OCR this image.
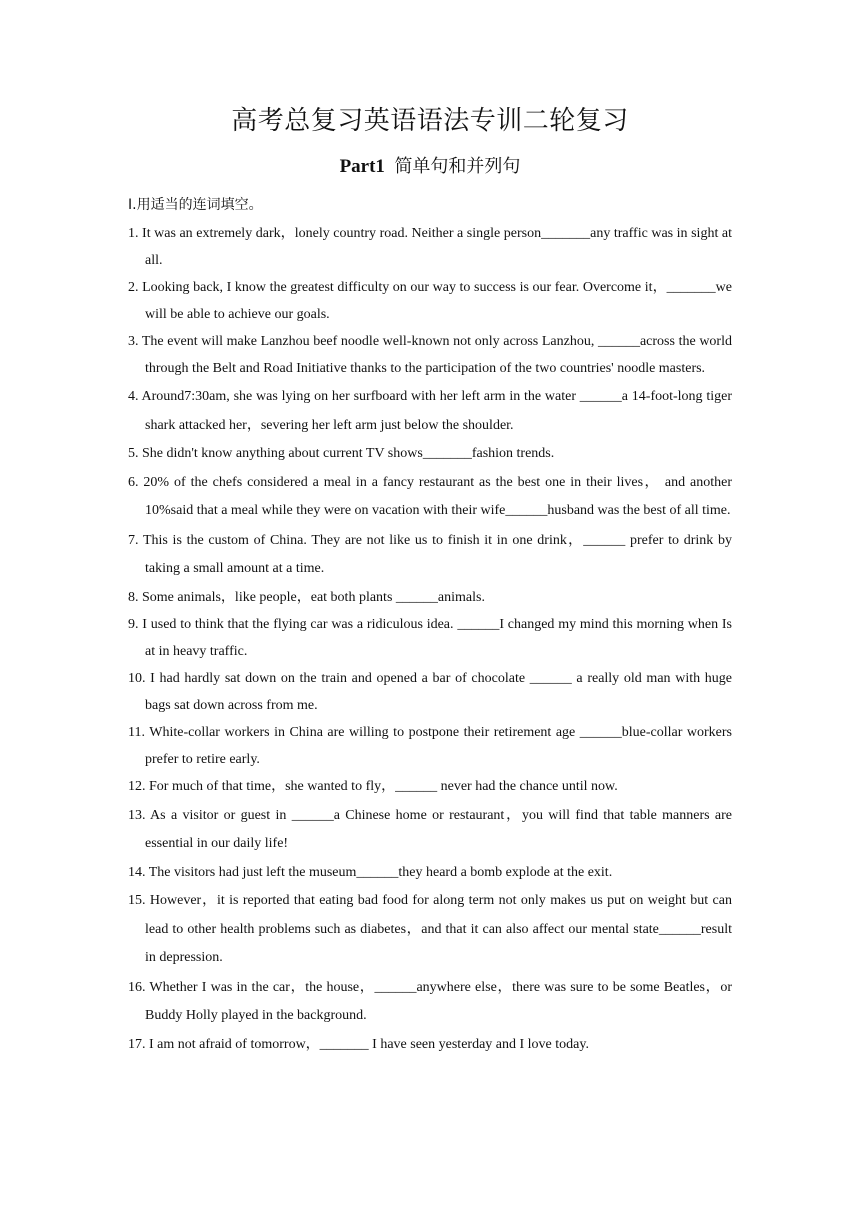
高考总复习英语语法专训二轮复习
Part1 简单句和并列句

I.用适当的连词填空。

1. It was an extremely dark，lonely country road. Neither a single person_______any traffic was in sight at all.
2. Looking back, I know the greatest difficulty on our way to success is our fear. Overcome it，_______we will be able to achieve our goals.
3. The event will make Lanzhou beef noodle well-known not only across Lanzhou, ______across the world through the Belt and Road Initiative thanks to the participation of the two countries' noodle masters.
4. Around7:30am, she was lying on her surfboard with her left arm in the water ______a 14-foot-long tiger shark attacked her，severing her left arm just below the shoulder.
5. She didn't know anything about current TV shows_______fashion trends.
6. 20% of the chefs considered a meal in a fancy restaurant as the best one in their lives， and another 10%said that a meal while they were on vacation with their wife______husband was the best of all time.
7. This is the custom of China. They are not like us to finish it in one drink，______ prefer to drink by taking a small amount at a time.
8. Some animals，like people，eat both plants ______animals.
9. I used to think that the flying car was a ridiculous idea. ______I changed my mind this morning when Is at in heavy traffic.
10. I had hardly sat down on the train and opened a bar of chocolate ______ a really old man with huge bags sat down across from me.
11. White-collar workers in China are willing to postpone their retirement age ______blue-collar workers prefer to retire early.
12. For much of that time，she wanted to fly，______ never had the chance until now.
13. As a visitor or guest in ______a Chinese home or restaurant，you will find that table manners are essential in our daily life!
14. The visitors had just left the museum______they heard a bomb explode at the exit.
15. However，it is reported that eating bad food for along term not only makes us put on weight but can lead to other health problems such as diabetes，and that it can also affect our mental state______result in depression.
16. Whether I was in the car，the house，______anywhere else，there was sure to be some Beatles，or Buddy Holly played in the background.
17. I am not afraid of tomorrow，_______ I have seen yesterday and I love today.
